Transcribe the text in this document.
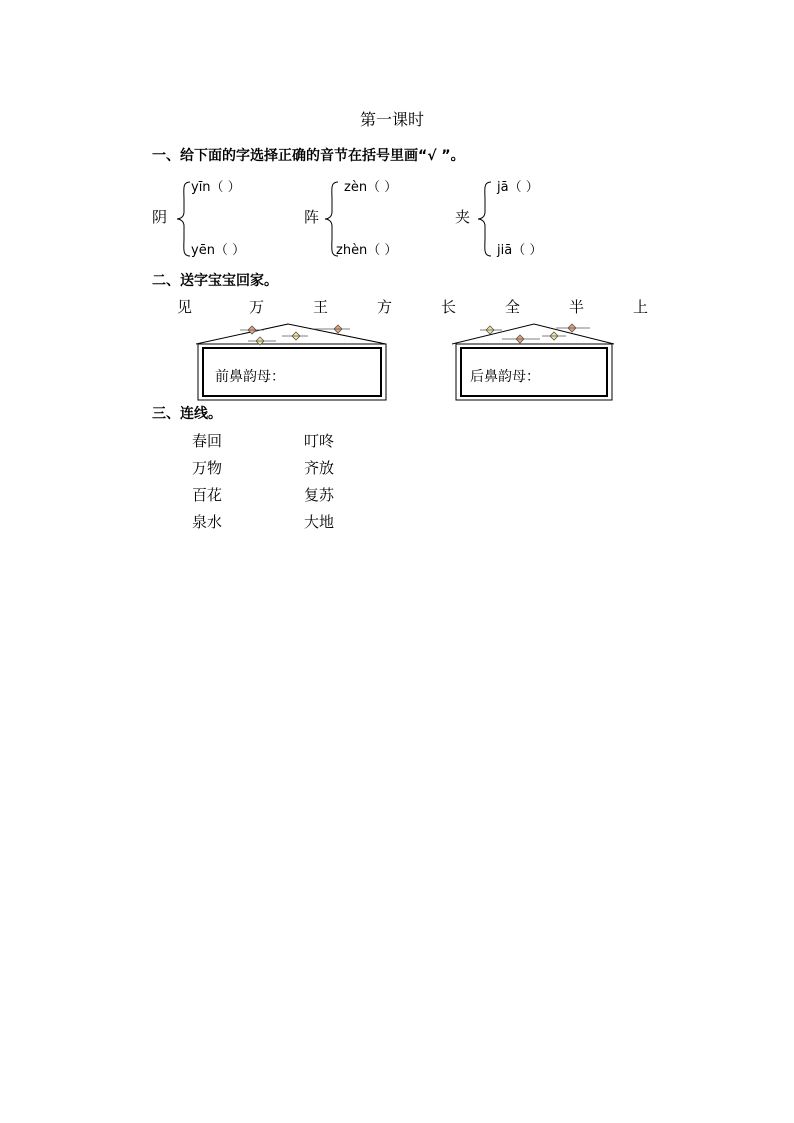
第一课时
一、给下面的字选择正确的音节在括号里画“√ ”。
阴
yīn（ ）
yēn（ ）
阵
zèn（ ）
zhèn（ ）
夹
jā（ ）
jiā（ ）
二、送字宝宝回家。
见	万	王	方	长	全	半	上
前鼻韵母：	后鼻韵母：
三、连线。
春回
万物
百花
泉水
叮咚
齐放
复苏
大地
